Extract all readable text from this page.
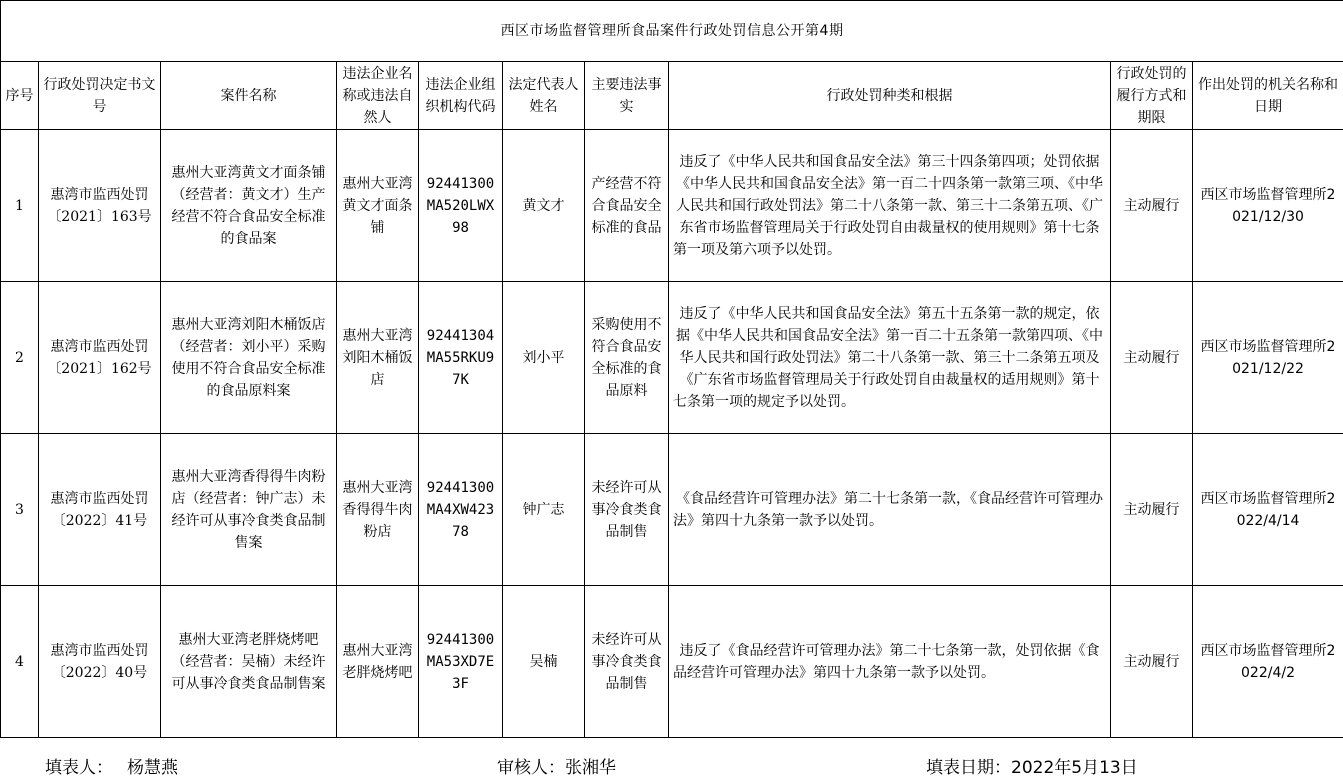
西区市场监督管理所食品案件行政处罚信息公开第4期									
序号	行政处罚决定书文号	案件名称	违法企业名称或违法自然人	违法企业组织机构代码	法定代表人姓名	主要违法事实	行政处罚种类和根据	行政处罚的履行方式和期限	作出处罚的机关名称和日期
1	惠湾市监西处罚〔2021〕163号	惠州大亚湾黄文才面条铺（经营者：黄文才）生产经营不符合食品安全标准的食品案	惠州大亚湾黄文才面条铺	92441300MA520LWX98	黄文才	产经营不符合食品安全标准的食品	违反了《中华人民共和国食品安全法》第三十四条第四项；处罚依据《中华人民共和国食品安全法》第一百二十四条第一款第三项、《中华人民共和国行政处罚法》第二十八条第一款、第三十二条第五项、《广东省市场监督管理局关于行政处罚自由裁量权的使用规则》第十七条第一项及第六项予以处罚。	主动履行	西区市场监督管理所2021/12/30
2	惠湾市监西处罚〔2021〕162号	惠州大亚湾刘阳木桶饭店（经营者：刘小平）采购使用不符合食品安全标准的食品原料案	惠州大亚湾刘阳木桶饭店	92441304MA55RKU97K	刘小平	采购使用不符合食品安全标准的食品原料	违反了《中华人民共和国食品安全法》第五十五条第一款的规定，依据《中华人民共和国食品安全法》第一百二十五条第一款第四项、《中华人民共和国行政处罚法》第二十八条第一款、第三十二条第五项及《广东省市场监督管理局关于行政处罚自由裁量权的适用规则》第十七条第一项的规定予以处罚。	主动履行	西区市场监督管理所2021/12/22
3	惠湾市监西处罚〔2022〕41号	惠州大亚湾香得得牛肉粉店（经营者：钟广志）未经许可从事冷食类食品制售案	惠州大亚湾香得得牛肉粉店	92441300MA4XW42378	钟广志	未经许可从事冷食类食品制售	《食品经营许可管理办法》第二十七条第一款，《食品经营许可管理办法》第四十九条第一款予以处罚。	主动履行	西区市场监督管理所2022/4/14
4	惠湾市监西处罚〔2022〕40号	惠州大亚湾老胖烧烤吧（经营者：吴楠）未经许可从事冷食类食品制售案	惠州大亚湾老胖烧烤吧	92441300MA53XD7E3F	吴楠	未经许可从事冷食类食品制售	违反了《食品经营许可管理办法》第二十七条第一款，处罚依据《食品经营许可管理办法》第四十九条第一款予以处罚。	主动履行	西区市场监督管理所2022/4/2
填表人： 杨慧燕	审核人：张湘华	填表日期：2022年5月13日
